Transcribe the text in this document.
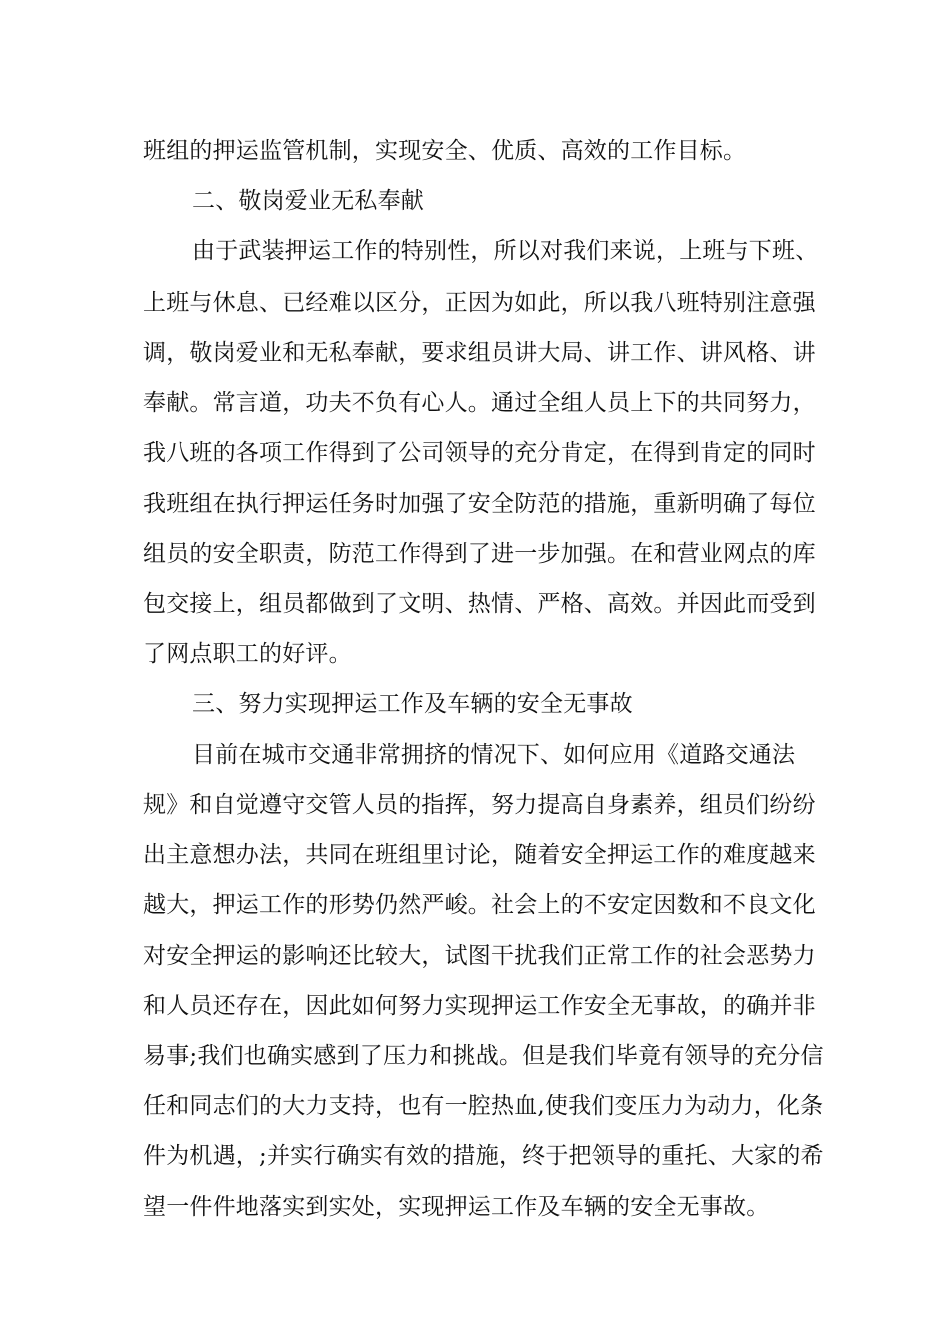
班组的押运监管机制，实现安全、优质、高效的工作目标。

二、敬岗爱业无私奉献

由于武装押运工作的特别性，所以对我们来说，上班与下班、

上班与休息、已经难以区分，正因为如此，所以我八班特别注意强

调，敬岗爱业和无私奉献，要求组员讲大局、讲工作、讲风格、讲

奉献。常言道，功夫不负有心人。通过全组人员上下的共同努力，

我八班的各项工作得到了公司领导的充分肯定，在得到肯定的同时

我班组在执行押运任务时加强了安全防范的措施，重新明确了每位

组员的安全职责，防范工作得到了进一步加强。在和营业网点的库

包交接上，组员都做到了文明、热情、严格、高效。并因此而受到

了网点职工的好评。

三、努力实现押运工作及车辆的安全无事故

目前在城市交通非常拥挤的情况下、如何应用《道路交通法

规》和自觉遵守交管人员的指挥，努力提高自身素养，组员们纷纷

出主意想办法，共同在班组里讨论，随着安全押运工作的难度越来

越大，押运工作的形势仍然严峻。社会上的不安定因数和不良文化

对安全押运的影响还比较大，试图干扰我们正常工作的社会恶势力

和人员还存在，因此如何努力实现押运工作安全无事故，的确并非

易事;我们也确实感到了压力和挑战。但是我们毕竟有领导的充分信

任和同志们的大力支持，也有一腔热血,使我们变压力为动力，化条

件为机遇，;并实行确实有效的措施，终于把领导的重托、大家的希

望一件件地落实到实处，实现押运工作及车辆的安全无事故。
